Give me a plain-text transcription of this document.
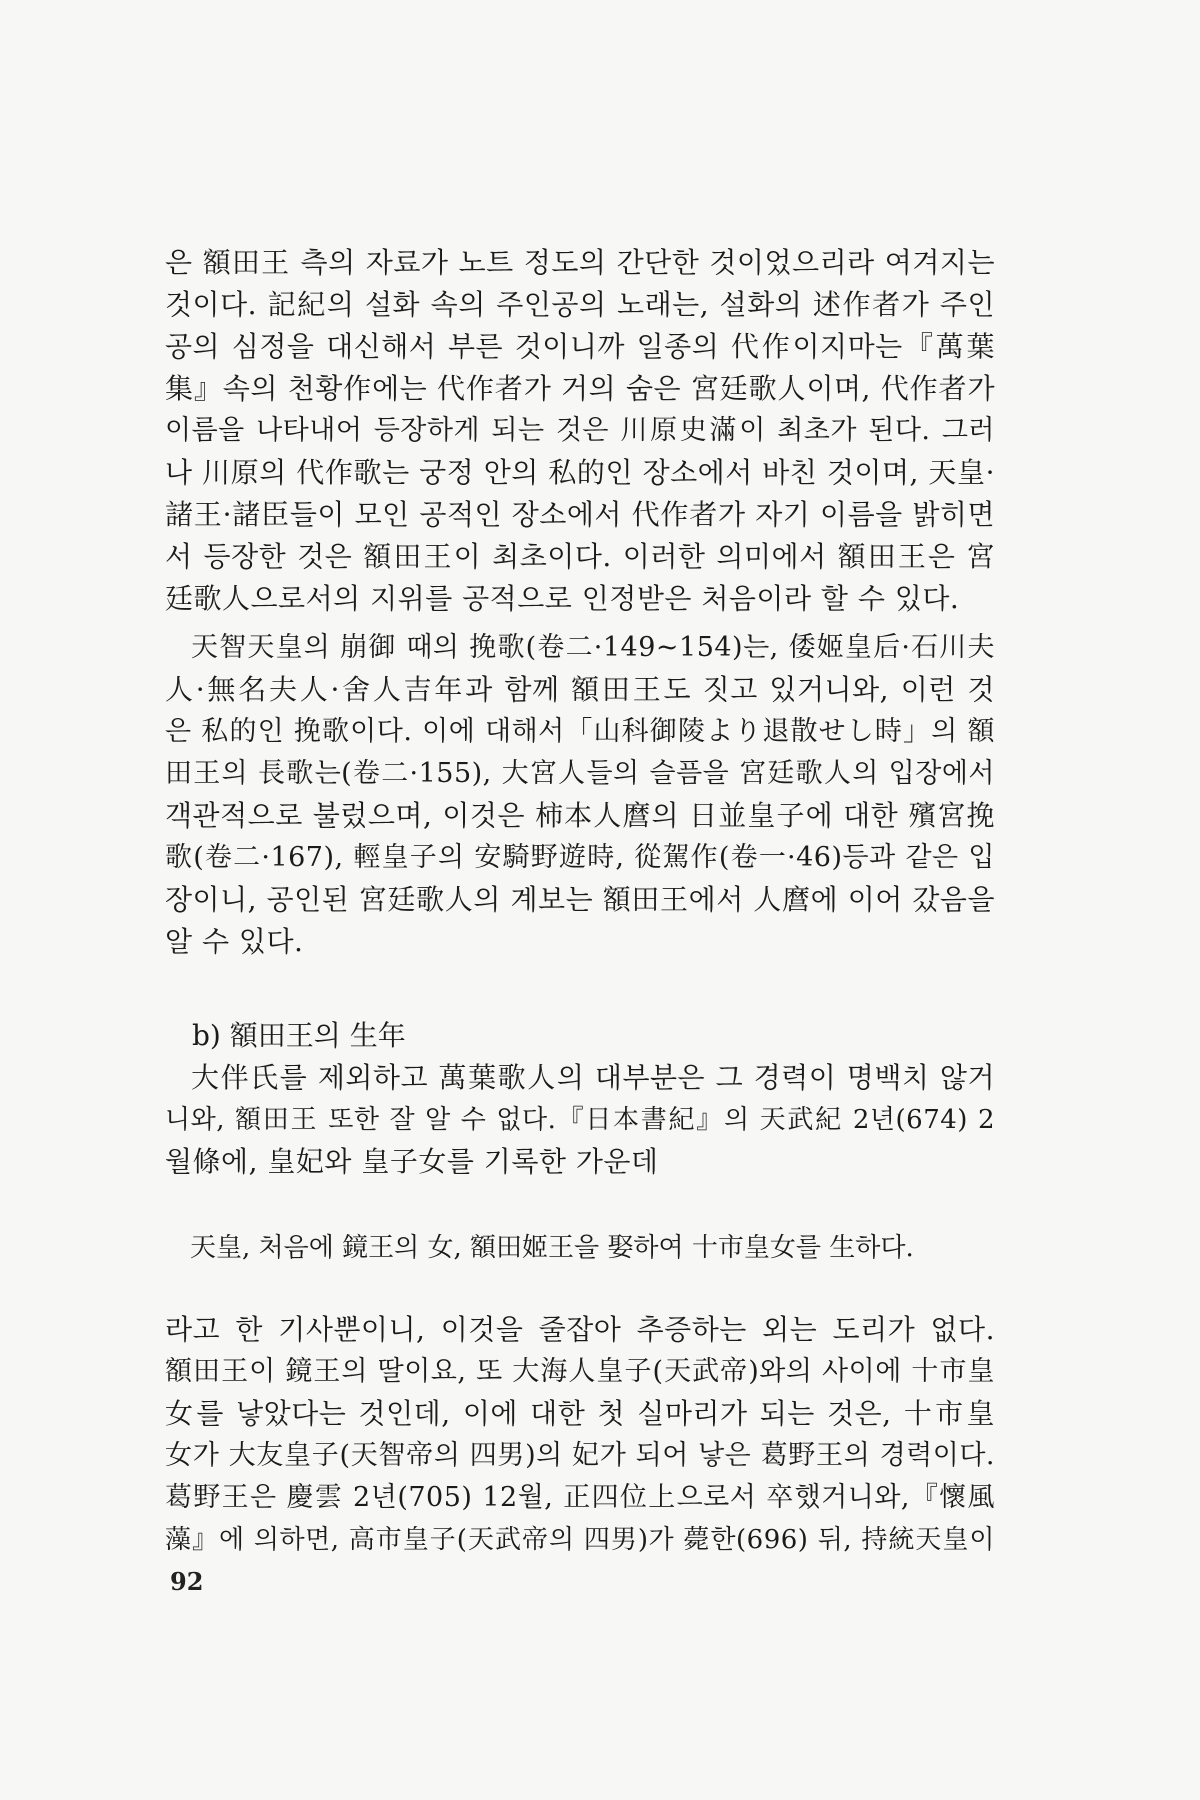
은 額田王 측의 자료가 노트 정도의 간단한 것이었으리라 여겨지는
것이다. 記紀의 설화 속의 주인공의 노래는, 설화의 述作者가 주인
공의 심정을 대신해서 부른 것이니까 일종의 代作이지마는『萬葉
集』속의 천황作에는 代作者가 거의 숨은 宮廷歌人이며, 代作者가
이름을 나타내어 등장하게 되는 것은 川原史滿이 최초가 된다. 그러
나 川原의 代作歌는 궁정 안의 私的인 장소에서 바친 것이며, 天皇·
諸王·諸臣들이 모인 공적인 장소에서 代作者가 자기 이름을 밝히면
서 등장한 것은 額田王이 최초이다. 이러한 의미에서 額田王은 宮
廷歌人으로서의 지위를 공적으로 인정받은 처음이라 할 수 있다.
天智天皇의 崩御 때의 挽歌(卷二·149~154)는, 倭姬皇后·石川夫
人·無名夫人·舍人吉年과 함께 額田王도 짓고 있거니와, 이런 것
은 私的인 挽歌이다. 이에 대해서「山科御陵より退散せし時」의 額
田王의 長歌는(卷二·155), 大宮人들의 슬픔을 宮廷歌人의 입장에서
객관적으로 불렀으며, 이것은 柿本人麿의 日並皇子에 대한 殯宮挽
歌(卷二·167), 輕皇子의 安騎野遊時, 從駕作(卷一·46)등과 같은 입
장이니, 공인된 宮廷歌人의 계보는 額田王에서 人麿에 이어 갔음을
알 수 있다.
b) 額田王의 生年
大伴氏를 제외하고 萬葉歌人의 대부분은 그 경력이 명백치 않거
니와, 額田王 또한 잘 알 수 없다.『日本書紀』의 天武紀 2년(674) 2
월條에, 皇妃와 皇子女를 기록한 가운데
天皇, 처음에 鏡王의 女, 額田姬王을 娶하여 十市皇女를 生하다.
라고 한 기사뿐이니, 이것을 줄잡아 추증하는 외는 도리가 없다.
額田王이 鏡王의 딸이요, 또 大海人皇子(天武帝)와의 사이에 十市皇
女를 낳았다는 것인데, 이에 대한 첫 실마리가 되는 것은, 十市皇
女가 大友皇子(天智帝의 四男)의 妃가 되어 낳은 葛野王의 경력이다.
葛野王은 慶雲 2년(705) 12월, 正四位上으로서 卒했거니와,『懷風
藻』에 의하면, 高市皇子(天武帝의 四男)가 薨한(696) 뒤, 持統天皇이
92
